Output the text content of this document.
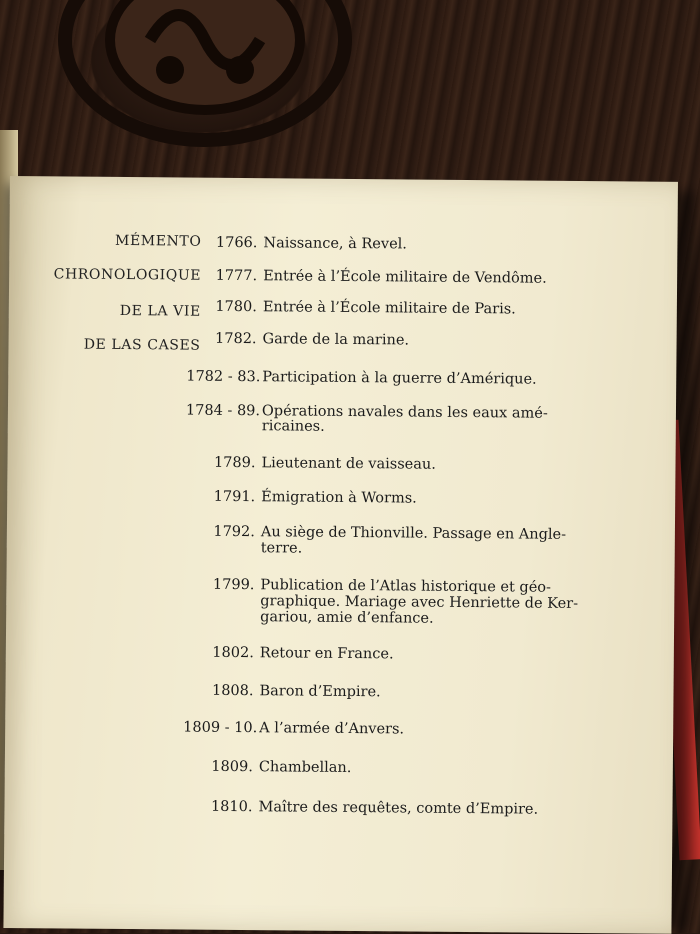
MÉMENTO
CHRONOLOGIQUE
DE LA VIE
DE LAS CASES
1766. Naissance, à Revel.
1777. Entrée à l’École militaire de Vendôme.
1780. Entrée à l’École militaire de Paris.
1782. Garde de la marine.
1782 - 83. Participation à la guerre d’Amérique.
1784 - 89. Opérations navales dans les eaux amé-
ricaines.
1789. Lieutenant de vaisseau.
1791. Émigration à Worms.
1792. Au siège de Thionville. Passage en Angle-
terre.
1799. Publication de l’Atlas historique et géo-
graphique. Mariage avec Henriette de Ker-
gariou, amie d’enfance.
1802. Retour en France.
1808. Baron d’Empire.
1809 - 10. A l’armée d’Anvers.
1809. Chambellan.
1810. Maître des requêtes, comte d’Empire.
